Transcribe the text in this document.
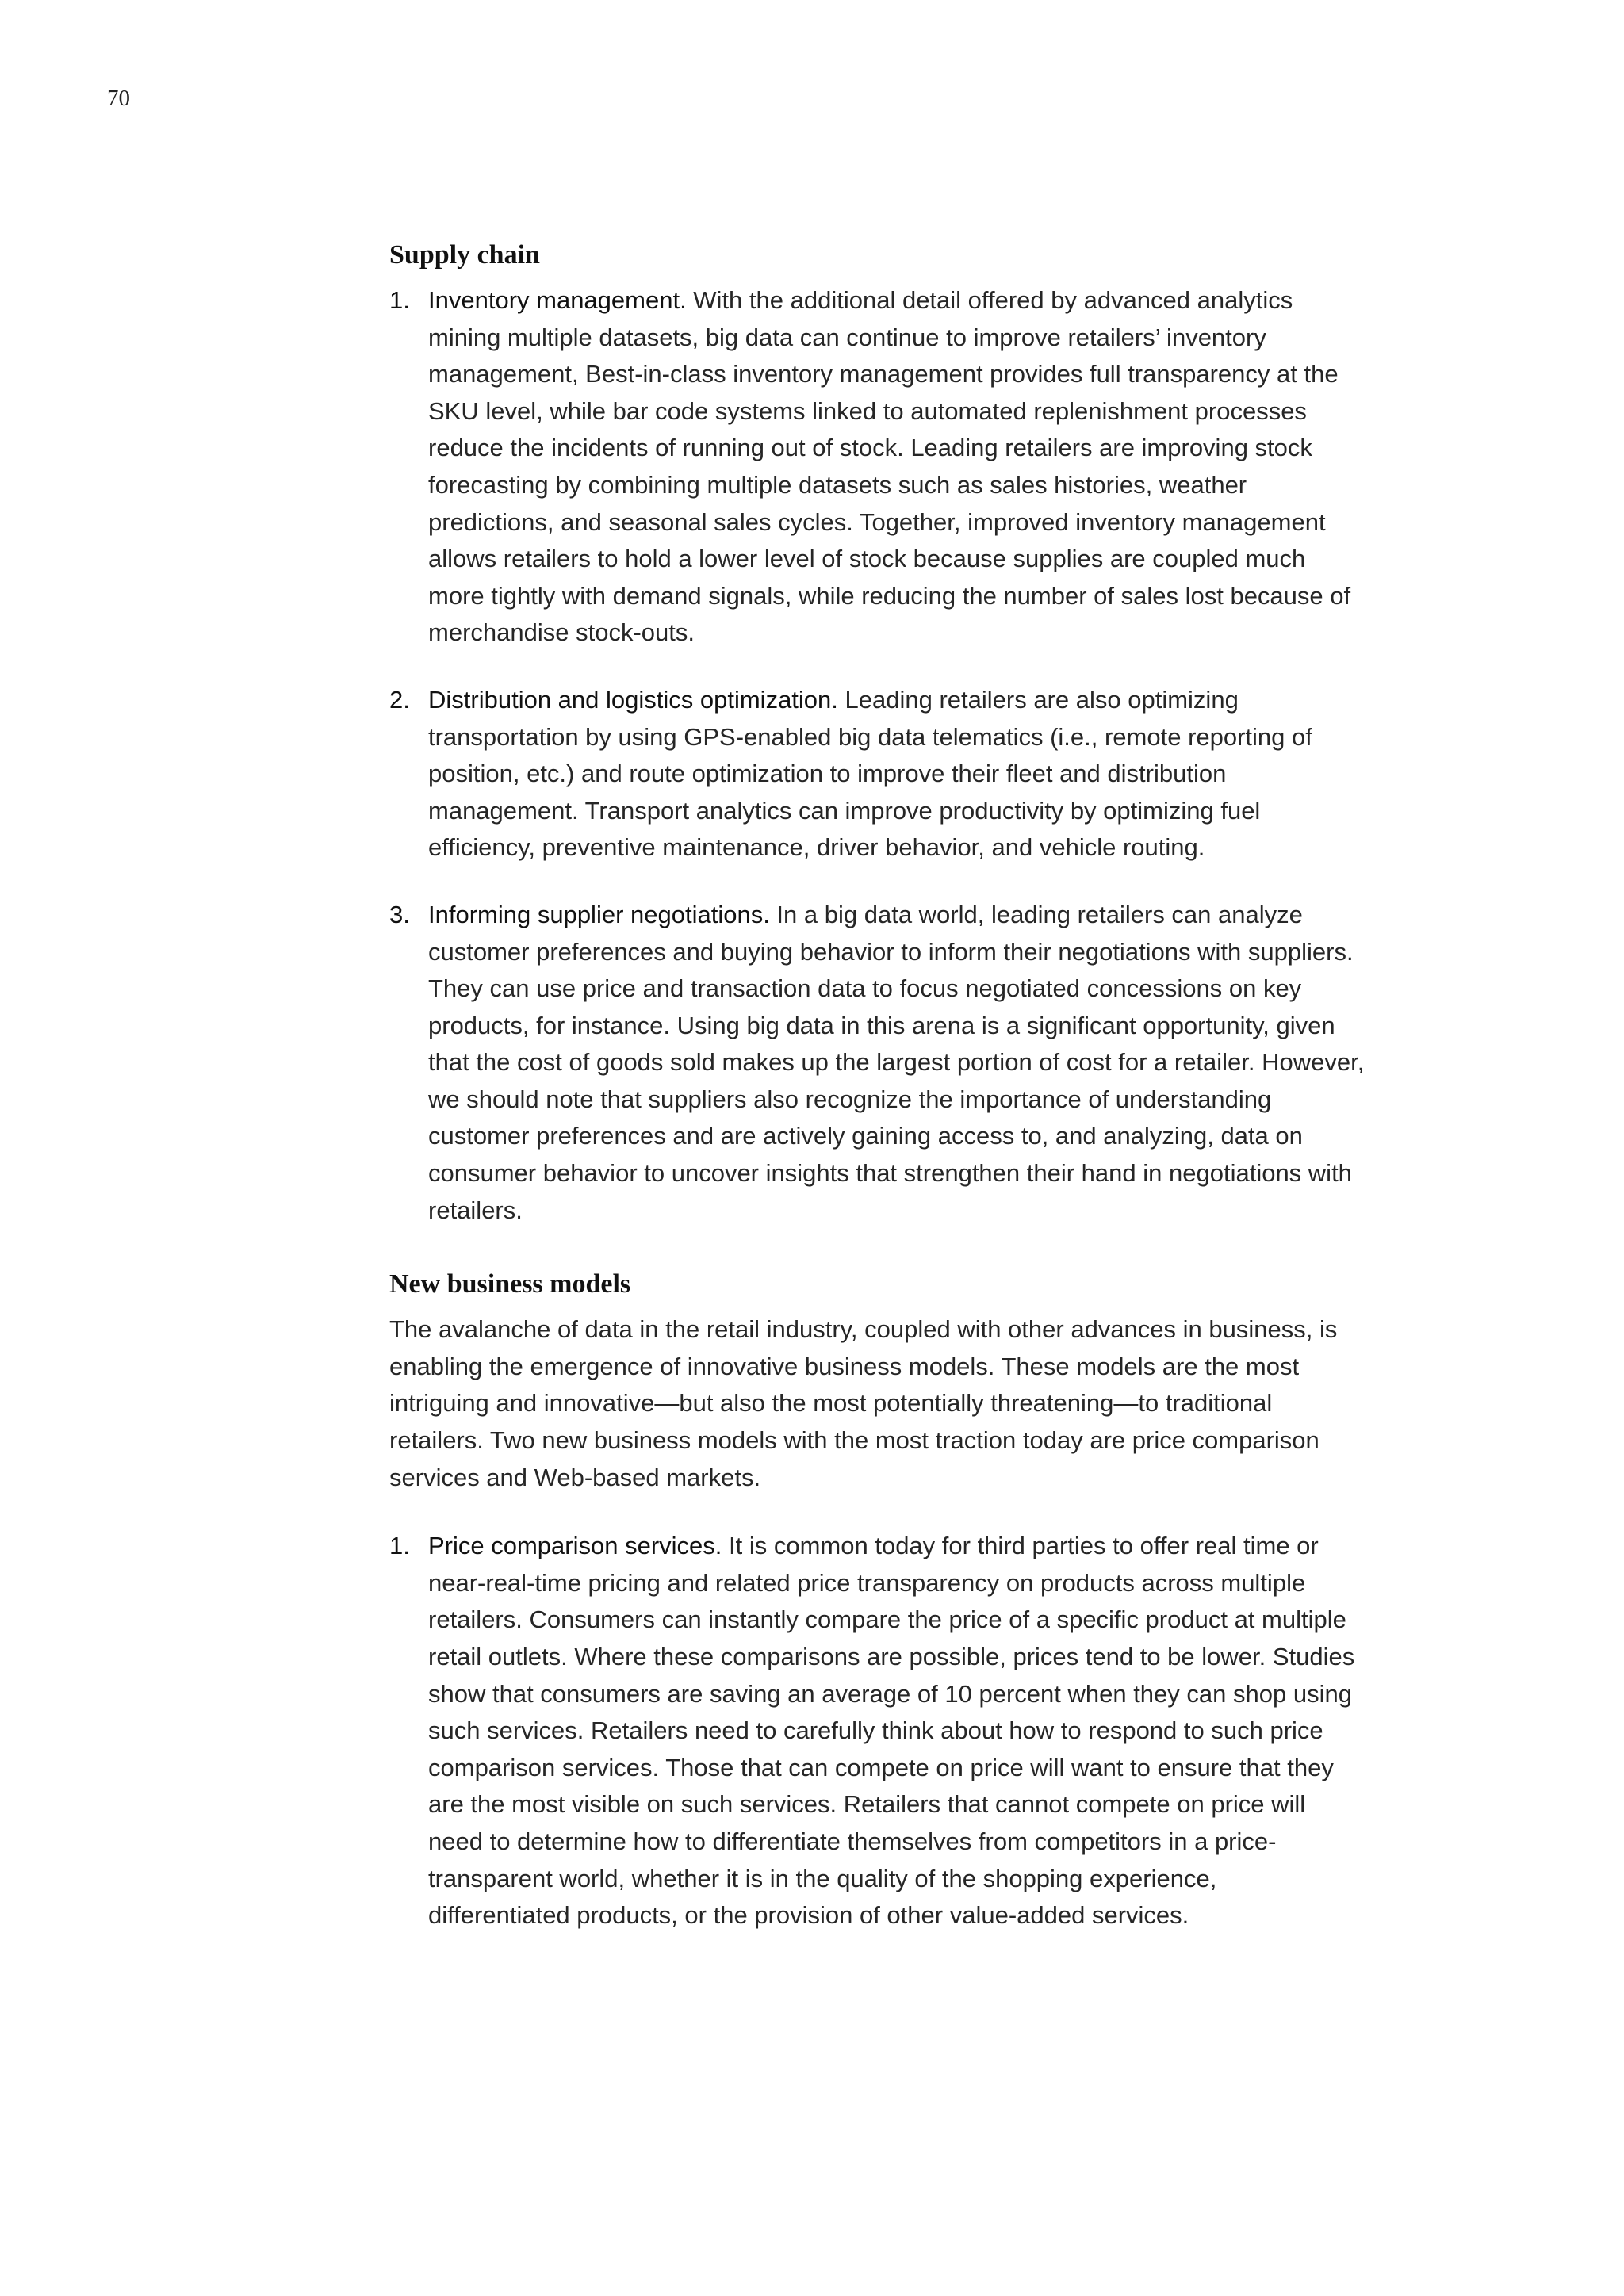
70
Supply chain
1. Inventory management. With the additional detail offered by advanced analytics mining multiple datasets, big data can continue to improve retailers’ inventory management, Best-in-class inventory management provides full transparency at the SKU level, while bar code systems linked to automated replenishment processes reduce the incidents of running out of stock. Leading retailers are improving stock forecasting by combining multiple datasets such as sales histories, weather predictions, and seasonal sales cycles. Together, improved inventory management allows retailers to hold a lower level of stock because supplies are coupled much more tightly with demand signals, while reducing the number of sales lost because of merchandise stock-outs.
2. Distribution and logistics optimization. Leading retailers are also optimizing transportation by using GPS-enabled big data telematics (i.e., remote reporting of position, etc.) and route optimization to improve their fleet and distribution management. Transport analytics can improve productivity by optimizing fuel efficiency, preventive maintenance, driver behavior, and vehicle routing.
3. Informing supplier negotiations. In a big data world, leading retailers can analyze customer preferences and buying behavior to inform their negotiations with suppliers. They can use price and transaction data to focus negotiated concessions on key products, for instance. Using big data in this arena is a significant opportunity, given that the cost of goods sold makes up the largest portion of cost for a retailer. However, we should note that suppliers also recognize the importance of understanding customer preferences and are actively gaining access to, and analyzing, data on consumer behavior to uncover insights that strengthen their hand in negotiations with retailers.
New business models

The avalanche of data in the retail industry, coupled with other advances in business, is enabling the emergence of innovative business models. These models are the most intriguing and innovative—but also the most potentially threatening—to traditional retailers. Two new business models with the most traction today are price comparison services and Web-based markets.

1. Price comparison services. It is common today for third parties to offer real time or near-real-time pricing and related price transparency on products across multiple retailers. Consumers can instantly compare the price of a specific product at multiple retail outlets. Where these comparisons are possible, prices tend to be lower. Studies show that consumers are saving an average of 10 percent when they can shop using such services. Retailers need to carefully think about how to respond to such price comparison services. Those that can compete on price will want to ensure that they are the most visible on such services. Retailers that cannot compete on price will need to determine how to differentiate themselves from competitors in a price-transparent world, whether it is in the quality of the shopping experience, differentiated products, or the provision of other value-added services.
